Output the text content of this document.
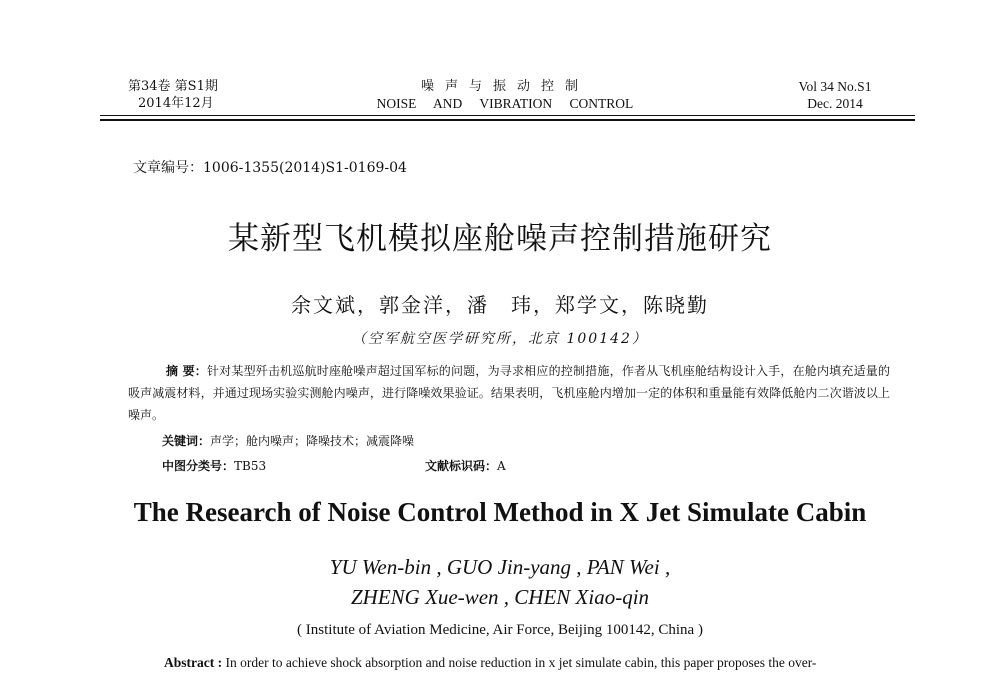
第34卷 第S1期
2014年12月
噪声与振动控制
NOISE AND VIBRATION CONTROL
Vol 34 No.S1
Dec. 2014
文章编号：1006-1355(2014)S1-0169-04
某新型飞机模拟座舱噪声控制措施研究
余文斌，郭金洋，潘　玮，郑学文，陈晓勤
（空军航空医学研究所，北京 100142）
摘 要：针对某型歼击机巡航时座舱噪声超过国军标的问题，为寻求相应的控制措施，作者从飞机座舱结构设计入手，在舱内填充适量的吸声减震材料，并通过现场实验实测舱内噪声，进行降噪效果验证。结果表明，飞机座舱内增加一定的体积和重量能有效降低舱内二次谐波以上噪声。
关键词：声学；舱内噪声；降噪技术；减震降噪
中图分类号：TB53	文献标识码：A
The Research of Noise Control Method in X Jet Simulate Cabin
YU Wen-bin , GUO Jin-yang , PAN Wei ,
ZHENG Xue-wen , CHEN Xiao-qin
( Institute of Aviation Medicine, Air Force, Beijing 100142, China )
Abstract : In order to achieve shock absorption and noise reduction in x jet simulate cabin, this paper proposes the over-
